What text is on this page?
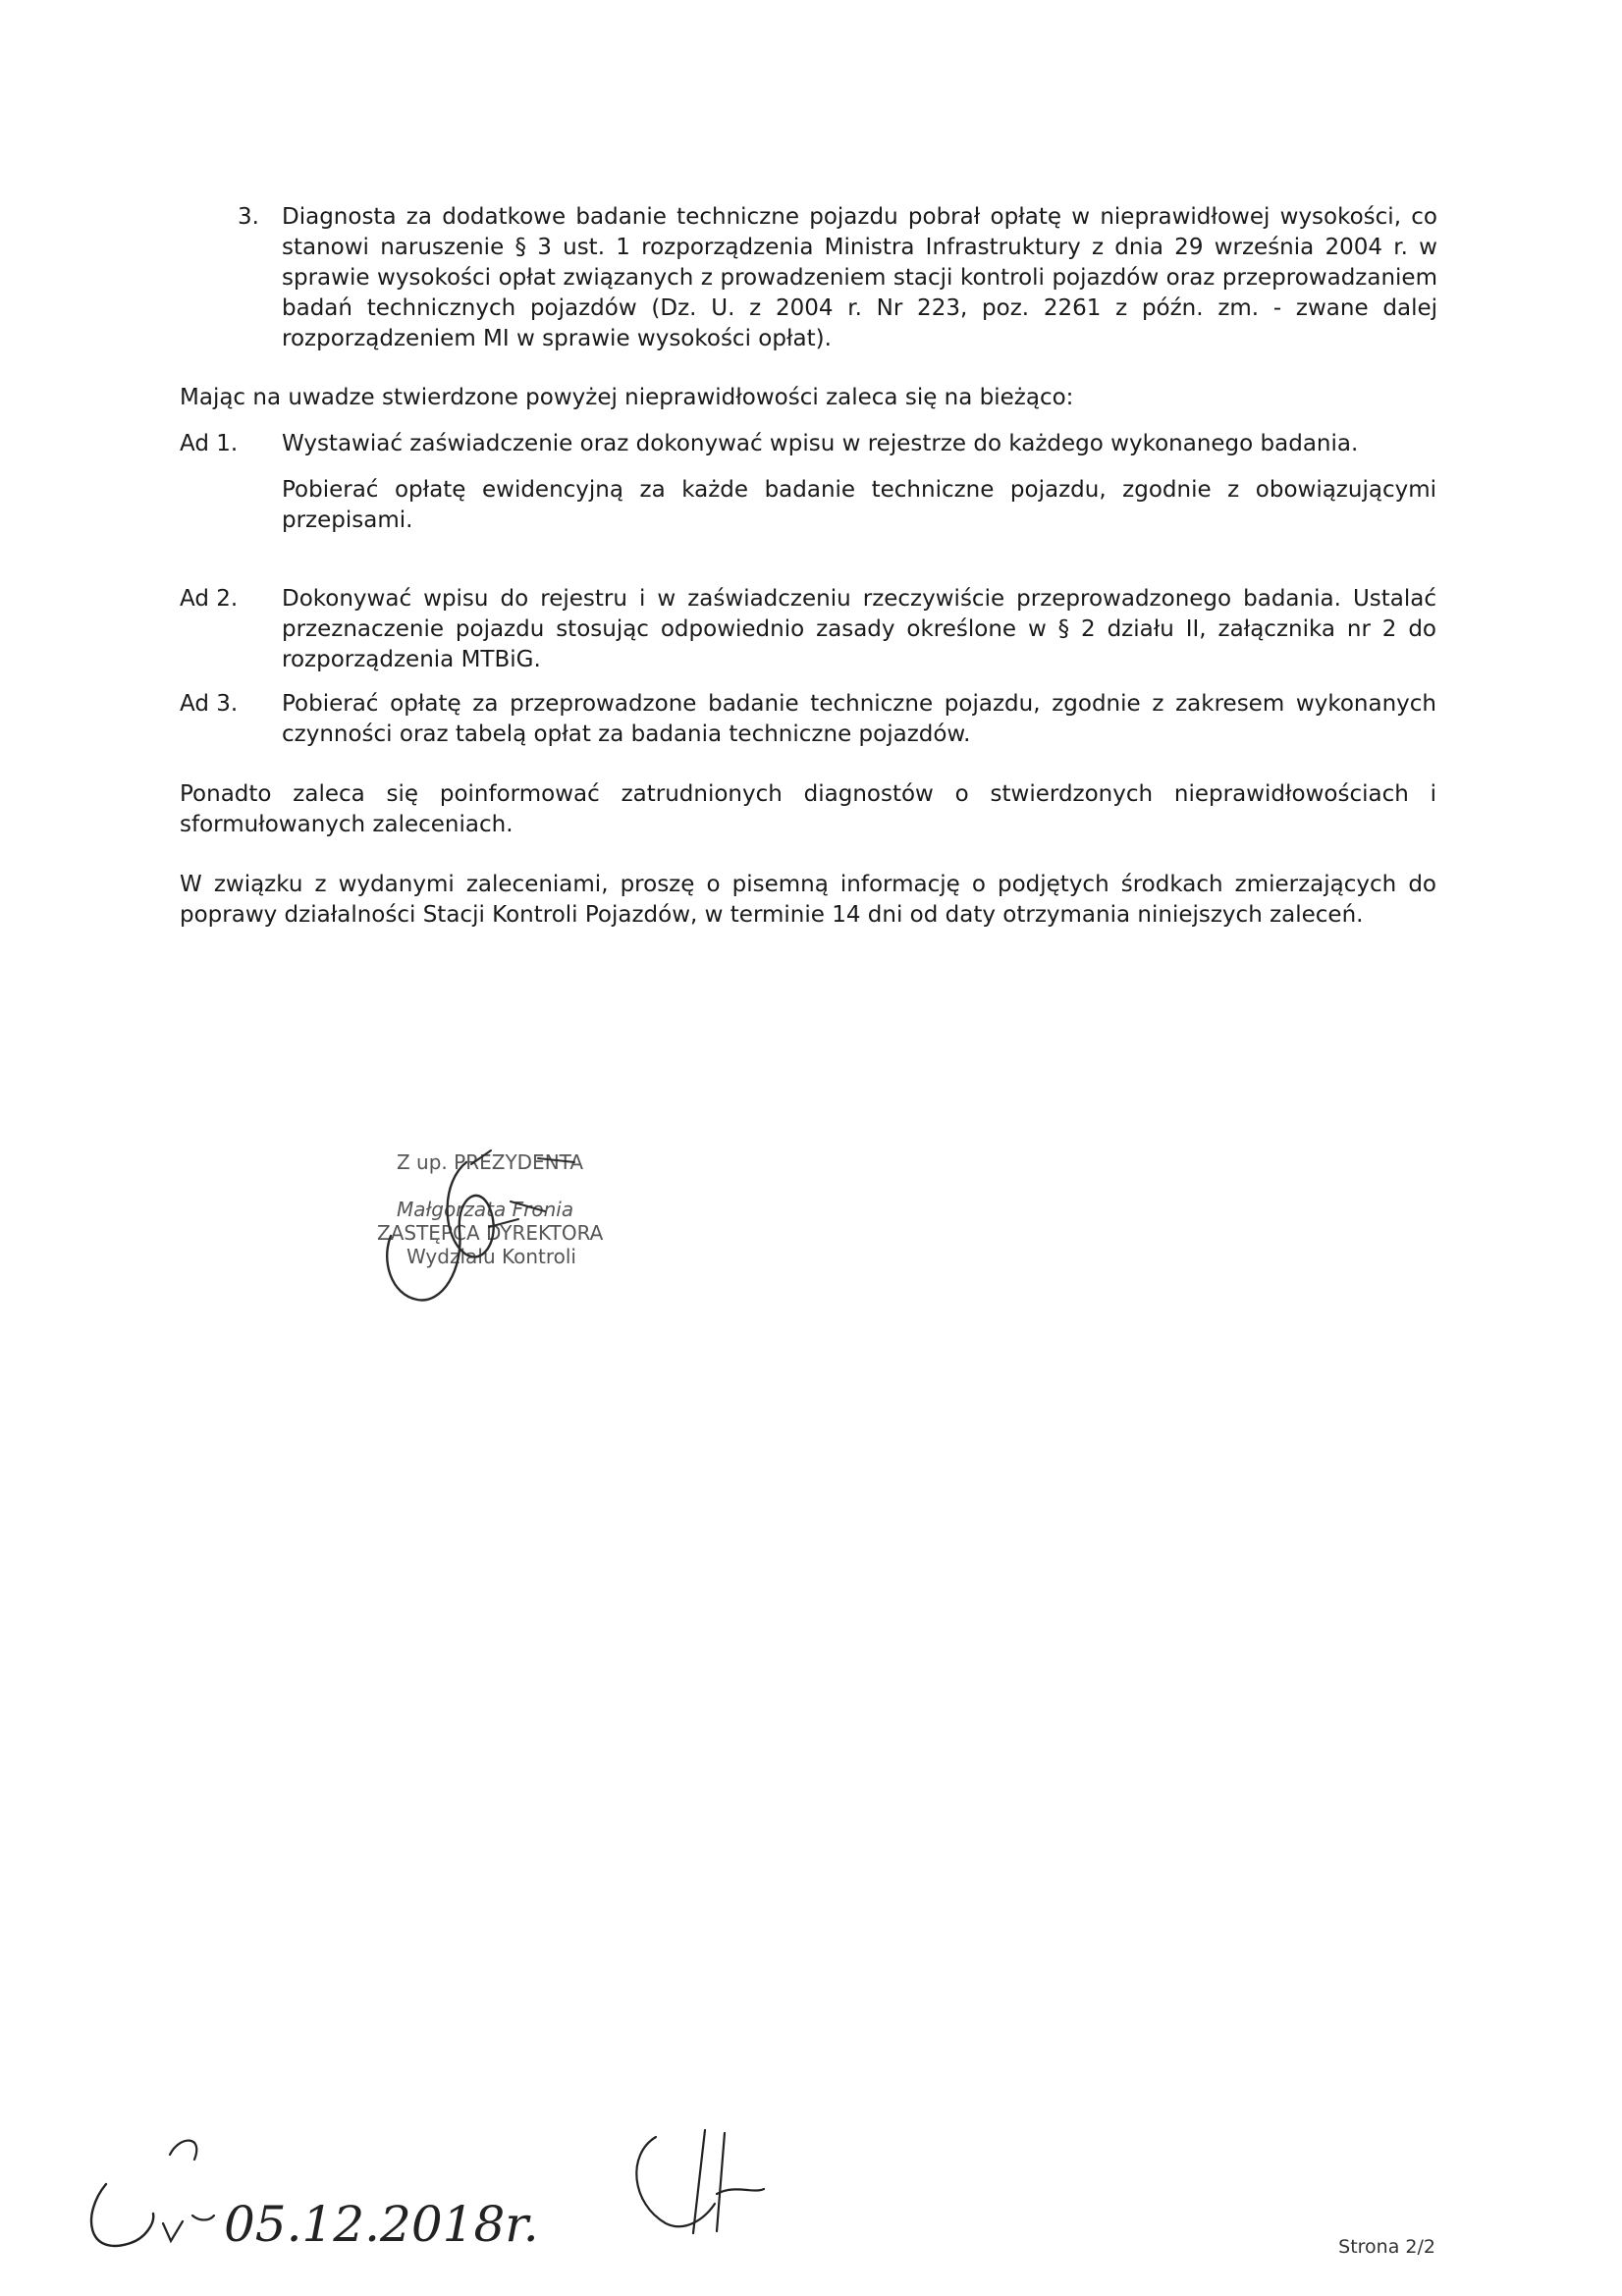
3.	Diagnosta za dodatkowe badanie techniczne pojazdu pobrał opłatę w nieprawidłowej wysokości, co stanowi naruszenie § 3 ust. 1 rozporządzenia Ministra Infrastruktury z dnia 29 września 2004 r. w sprawie wysokości opłat związanych z prowadzeniem stacji kontroli pojazdów oraz przeprowadzaniem badań technicznych pojazdów (Dz. U. z 2004 r. Nr 223, poz. 2261 z późn. zm. - zwane dalej rozporządzeniem MI w sprawie wysokości opłat).
Mając na uwadze stwierdzone powyżej nieprawidłowości zaleca się na bieżąco:
Ad 1.	Wystawiać zaświadczenie oraz dokonywać wpisu w rejestrze do każdego wykonanego badania.

Pobierać opłatę ewidencyjną za każde badanie techniczne pojazdu, zgodnie z obowiązującymi przepisami.

Ad 2.	Dokonywać wpisu do rejestru i w zaświadczeniu rzeczywiście przeprowadzonego badania. Ustalać przeznaczenie pojazdu stosując odpowiednio zasady określone w § 2 działu II, załącznika nr 2 do rozporządzenia MTBiG.

Ad 3.	Pobierać opłatę za przeprowadzone badanie techniczne pojazdu, zgodnie z zakresem wykonanych czynności oraz tabelą opłat za badania techniczne pojazdów.

Ponadto zaleca się poinformować zatrudnionych diagnostów o stwierdzonych nieprawidłowościach i sformułowanych zaleceniach.

W związku z wydanymi zaleceniami, proszę o pisemną informację o podjętych środkach zmierzających do poprawy działalności Stacji Kontroli Pojazdów, w terminie 14 dni od daty otrzymania niniejszych zaleceń.

Z up. PREZYDENTA
Małgorzata Fronia
ZASTĘPCA DYREKTORA
Wydziału Kontroli
05.12.2018r.	Strona 2/2
